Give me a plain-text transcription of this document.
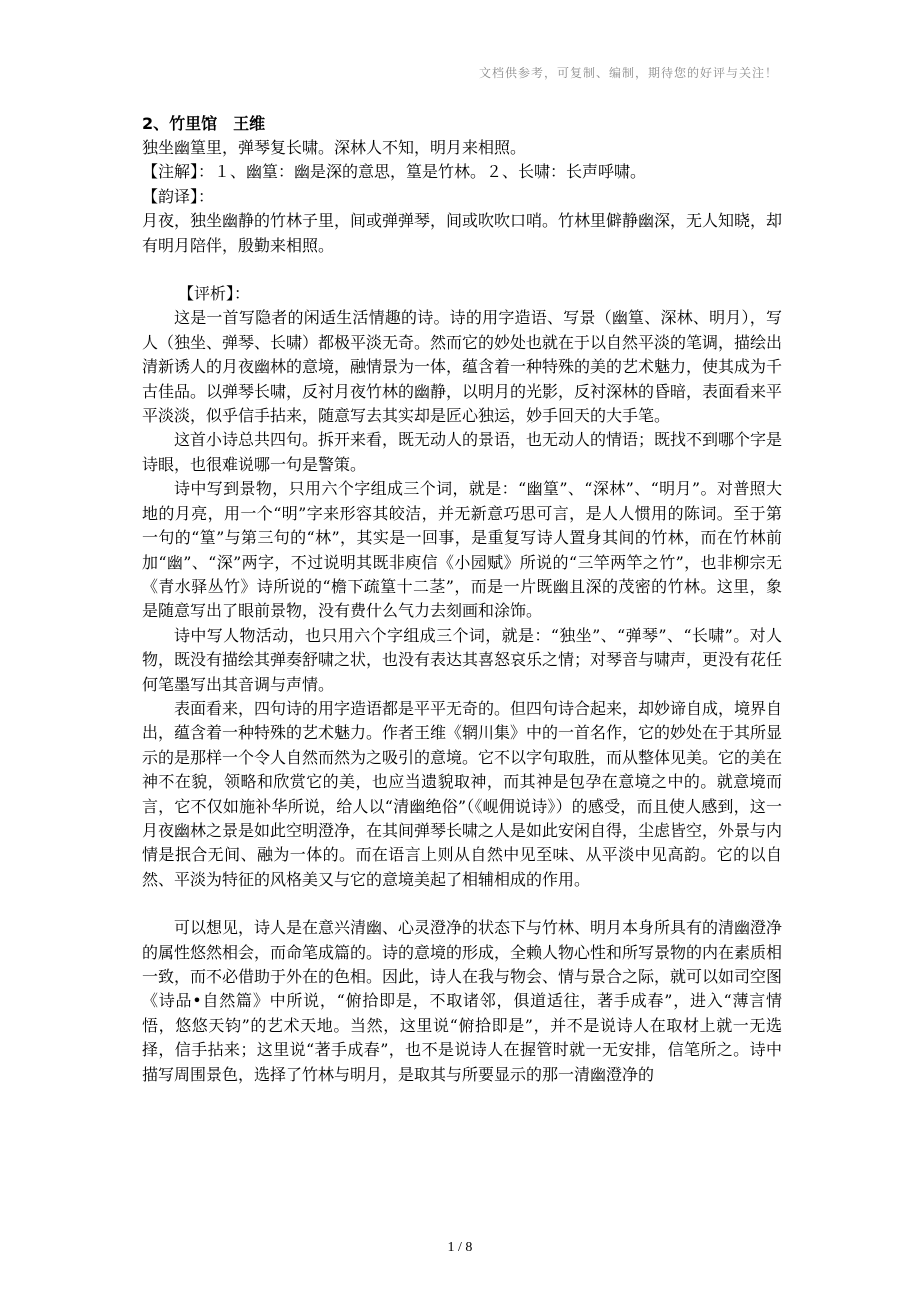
文档供参考，可复制、编制，期待您的好评与关注！
2、竹里馆　王维

独坐幽篁里，弹琴复长啸。深林人不知，明月来相照。

【注解】：１、幽篁：幽是深的意思，篁是竹林。２、长啸：长声呼啸。

【韵译】：

月夜，独坐幽静的竹林子里，间或弹弹琴，间或吹吹口哨。竹林里僻静幽深，无人知晓，却有明月陪伴，殷勤来相照。

【评析】：

这是一首写隐者的闲适生活情趣的诗。诗的用字造语、写景（幽篁、深林、明月），写人（独坐、弹琴、长啸）都极平淡无奇。然而它的妙处也就在于以自然平淡的笔调，描绘出清新诱人的月夜幽林的意境，融情景为一体，蕴含着一种特殊的美的艺术魅力，使其成为千古佳品。以弹琴长啸，反衬月夜竹林的幽静，以明月的光影，反衬深林的昏暗，表面看来平平淡淡，似乎信手拈来，随意写去其实却是匠心独运，妙手回天的大手笔。

这首小诗总共四句。拆开来看，既无动人的景语，也无动人的情语；既找不到哪个字是诗眼，也很难说哪一句是警策。

诗中写到景物，只用六个字组成三个词，就是：“幽篁”、“深林”、“明月”。对普照大地的月亮，用一个“明”字来形容其皎洁，并无新意巧思可言，是人人惯用的陈词。至于第一句的“篁”与第三句的“林”，其实是一回事，是重复写诗人置身其间的竹林，而在竹林前加“幽”、“深”两字，不过说明其既非庾信《小园赋》所说的“三竿两竿之竹”，也非柳宗无《青水驿丛竹》诗所说的“檐下疏篁十二茎”，而是一片既幽且深的茂密的竹林。这里，象是随意写出了眼前景物，没有费什么气力去刻画和涂饰。

诗中写人物活动，也只用六个字组成三个词，就是：“独坐”、“弹琴”、“长啸”。对人物，既没有描绘其弹奏舒啸之状，也没有表达其喜怒哀乐之情；对琴音与啸声，更没有花任何笔墨写出其音调与声情。

表面看来，四句诗的用字造语都是平平无奇的。但四句诗合起来，却妙谛自成，境界自出，蕴含着一种特殊的艺术魅力。作者王维《辋川集》中的一首名作，它的妙处在于其所显示的是那样一个令人自然而然为之吸引的意境。它不以字句取胜，而从整体见美。它的美在神不在貌，领略和欣赏它的美，也应当遗貌取神，而其神是包孕在意境之中的。就意境而言，它不仅如施补华所说，给人以“清幽绝俗”（《岘佣说诗》）的感受，而且使人感到，这一月夜幽林之景是如此空明澄净，在其间弹琴长啸之人是如此安闲自得，尘虑皆空，外景与内情是抿合无间、融为一体的。而在语言上则从自然中见至味、从平淡中见高韵。它的以自然、平淡为特征的风格美又与它的意境美起了相辅相成的作用。

可以想见，诗人是在意兴清幽、心灵澄净的状态下与竹林、明月本身所具有的清幽澄净的属性悠然相会，而命笔成篇的。诗的意境的形成，全赖人物心性和所写景物的内在素质相一致，而不必借助于外在的色相。因此，诗人在我与物会、情与景合之际，就可以如司空图《诗品•自然篇》中所说，“俯拾即是，不取诸邻，俱道适往，著手成春”，进入“薄言情悟，悠悠天钧”的艺术天地。当然，这里说“俯拾即是”，并不是说诗人在取材上就一无选择，信手拈来；这里说“著手成春”，也不是说诗人在握管时就一无安排，信笔所之。诗中描写周围景色，选择了竹林与明月，是取其与所要显示的那一清幽澄净的

1 / 8
